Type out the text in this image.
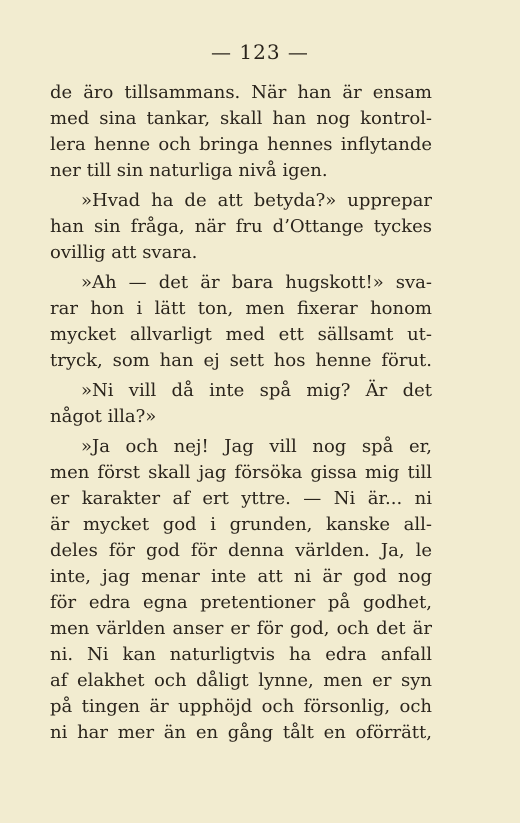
— 123 —
de äro tillsammans. När han är ensam
med sina tankar, skall han nog kontrol-
lera henne och bringa hennes inflytande
ner till sin naturliga nivå igen.
»Hvad ha de att betyda?» upprepar
han sin fråga, när fru d’Ottange tyckes
ovillig att svara.
»Ah — det är bara hugskott!» sva-
rar hon i lätt ton, men fixerar honom
mycket allvarligt med ett sällsamt ut-
tryck, som han ej sett hos henne förut.
»Ni vill då inte spå mig? Är det
något illa?»
»Ja och nej! Jag vill nog spå er,
men först skall jag försöka gissa mig till
er karakter af ert yttre. — Ni är... ni
är mycket god i grunden, kanske all-
deles för god för denna världen. Ja, le
inte, jag menar inte att ni är god nog
för edra egna pretentioner på godhet,
men världen anser er för god, och det är
ni. Ni kan naturligtvis ha edra anfall
af elakhet och dåligt lynne, men er syn
på tingen är upphöjd och försonlig, och
ni har mer än en gång tålt en oförrätt,
